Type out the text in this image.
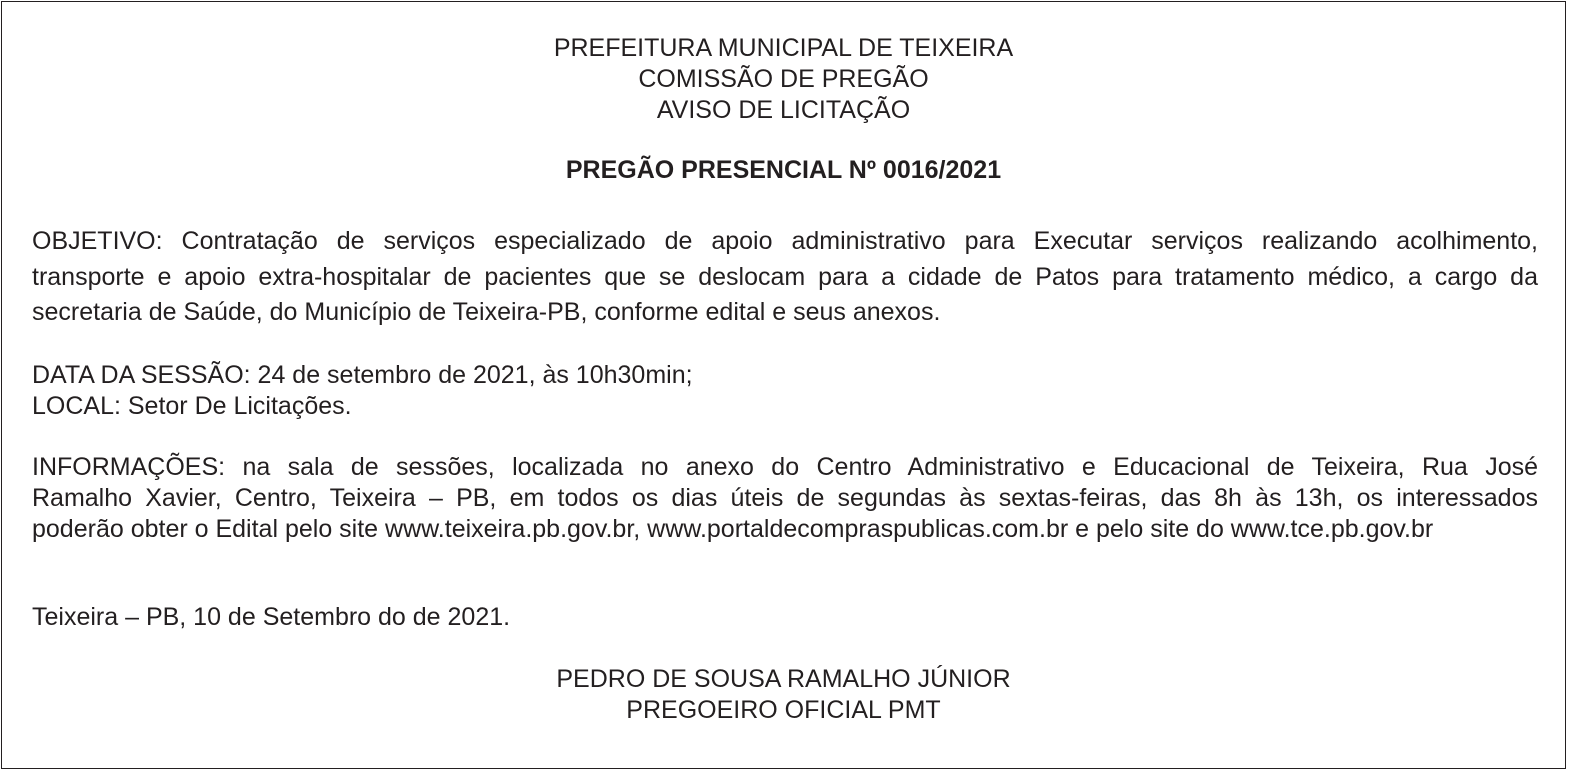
PREFEITURA MUNICIPAL DE TEIXEIRA
COMISSÃO DE PREGÃO
AVISO DE LICITAÇÃO
PREGÃO PRESENCIAL Nº 0016/2021
OBJETIVO: Contratação de serviços especializado de apoio administrativo para Executar serviços realizando acolhimento,
transporte e apoio extra-hospitalar de pacientes que se deslocam para a cidade de Patos para tratamento médico, a cargo da
secretaria de Saúde, do Município de Teixeira-PB, conforme edital e seus anexos.
DATA DA SESSÃO: 24 de setembro de 2021, às 10h30min;
LOCAL: Setor De Licitações.
INFORMAÇÕES: na sala de sessões, localizada no anexo do Centro Administrativo e Educacional de Teixeira, Rua José
Ramalho Xavier, Centro, Teixeira – PB, em todos os dias úteis de segundas às sextas-feiras, das 8h às 13h, os interessados
poderão obter o Edital pelo site www.teixeira.pb.gov.br, www.portaldecompraspublicas.com.br e pelo site do www.tce.pb.gov.br
Teixeira – PB, 10 de Setembro do de 2021.
PEDRO DE SOUSA RAMALHO JÚNIOR
PREGOEIRO OFICIAL PMT
